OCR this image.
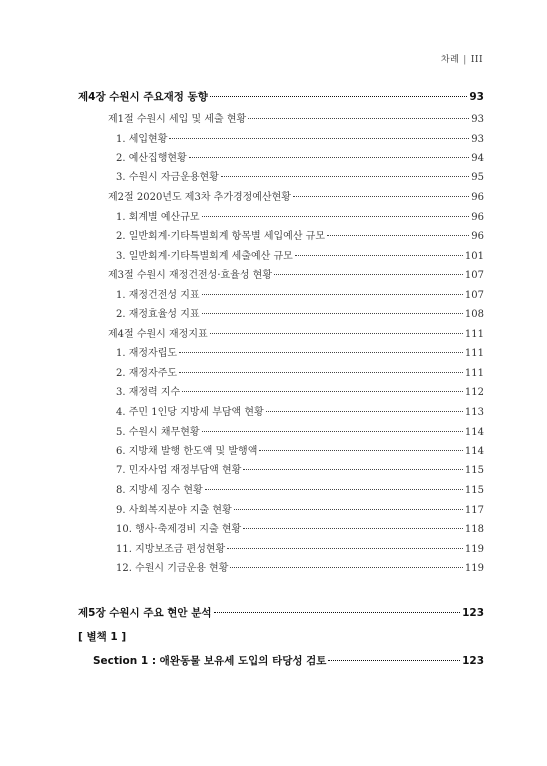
차례 | III
제4장 수원시 주요재정 동향	93
제1절 수원시 세입 및 세출 현황	93
1. 세입현황	93
2. 예산집행현황	94
3. 수원시 자금운용현황	95
제2절 2020년도 제3차 추가경정예산현황	96
1. 회계별 예산규모	96
2. 일반회계·기타특별회계 항목별 세입예산 규모	96
3. 일반회계·기타특별회계 세출예산 규모	101
제3절 수원시 재정건전성·효율성 현황	107
1. 재정건전성 지표	107
2. 재정효율성 지표	108
제4절 수원시 재정지표	111
1. 재정자립도	111
2. 재정자주도	111
3. 재정력 지수	112
4. 주민 1인당 지방세 부담액 현황	113
5. 수원시 채무현황	114
6. 지방채 발행 한도액 및 발행액	114
7. 민자사업 재정부담액 현황	115
8. 지방세 징수 현황	115
9. 사회복지분야 지출 현황	117
10. 행사·축제경비 지출 현황	118
11. 지방보조금 편성현황	119
12. 수원시 기금운용 현황	119
제5장 수원시 주요 현안 분석	123
[ 별책 1 ]
Section 1 : 애완동물 보유세 도입의 타당성 검토	123
